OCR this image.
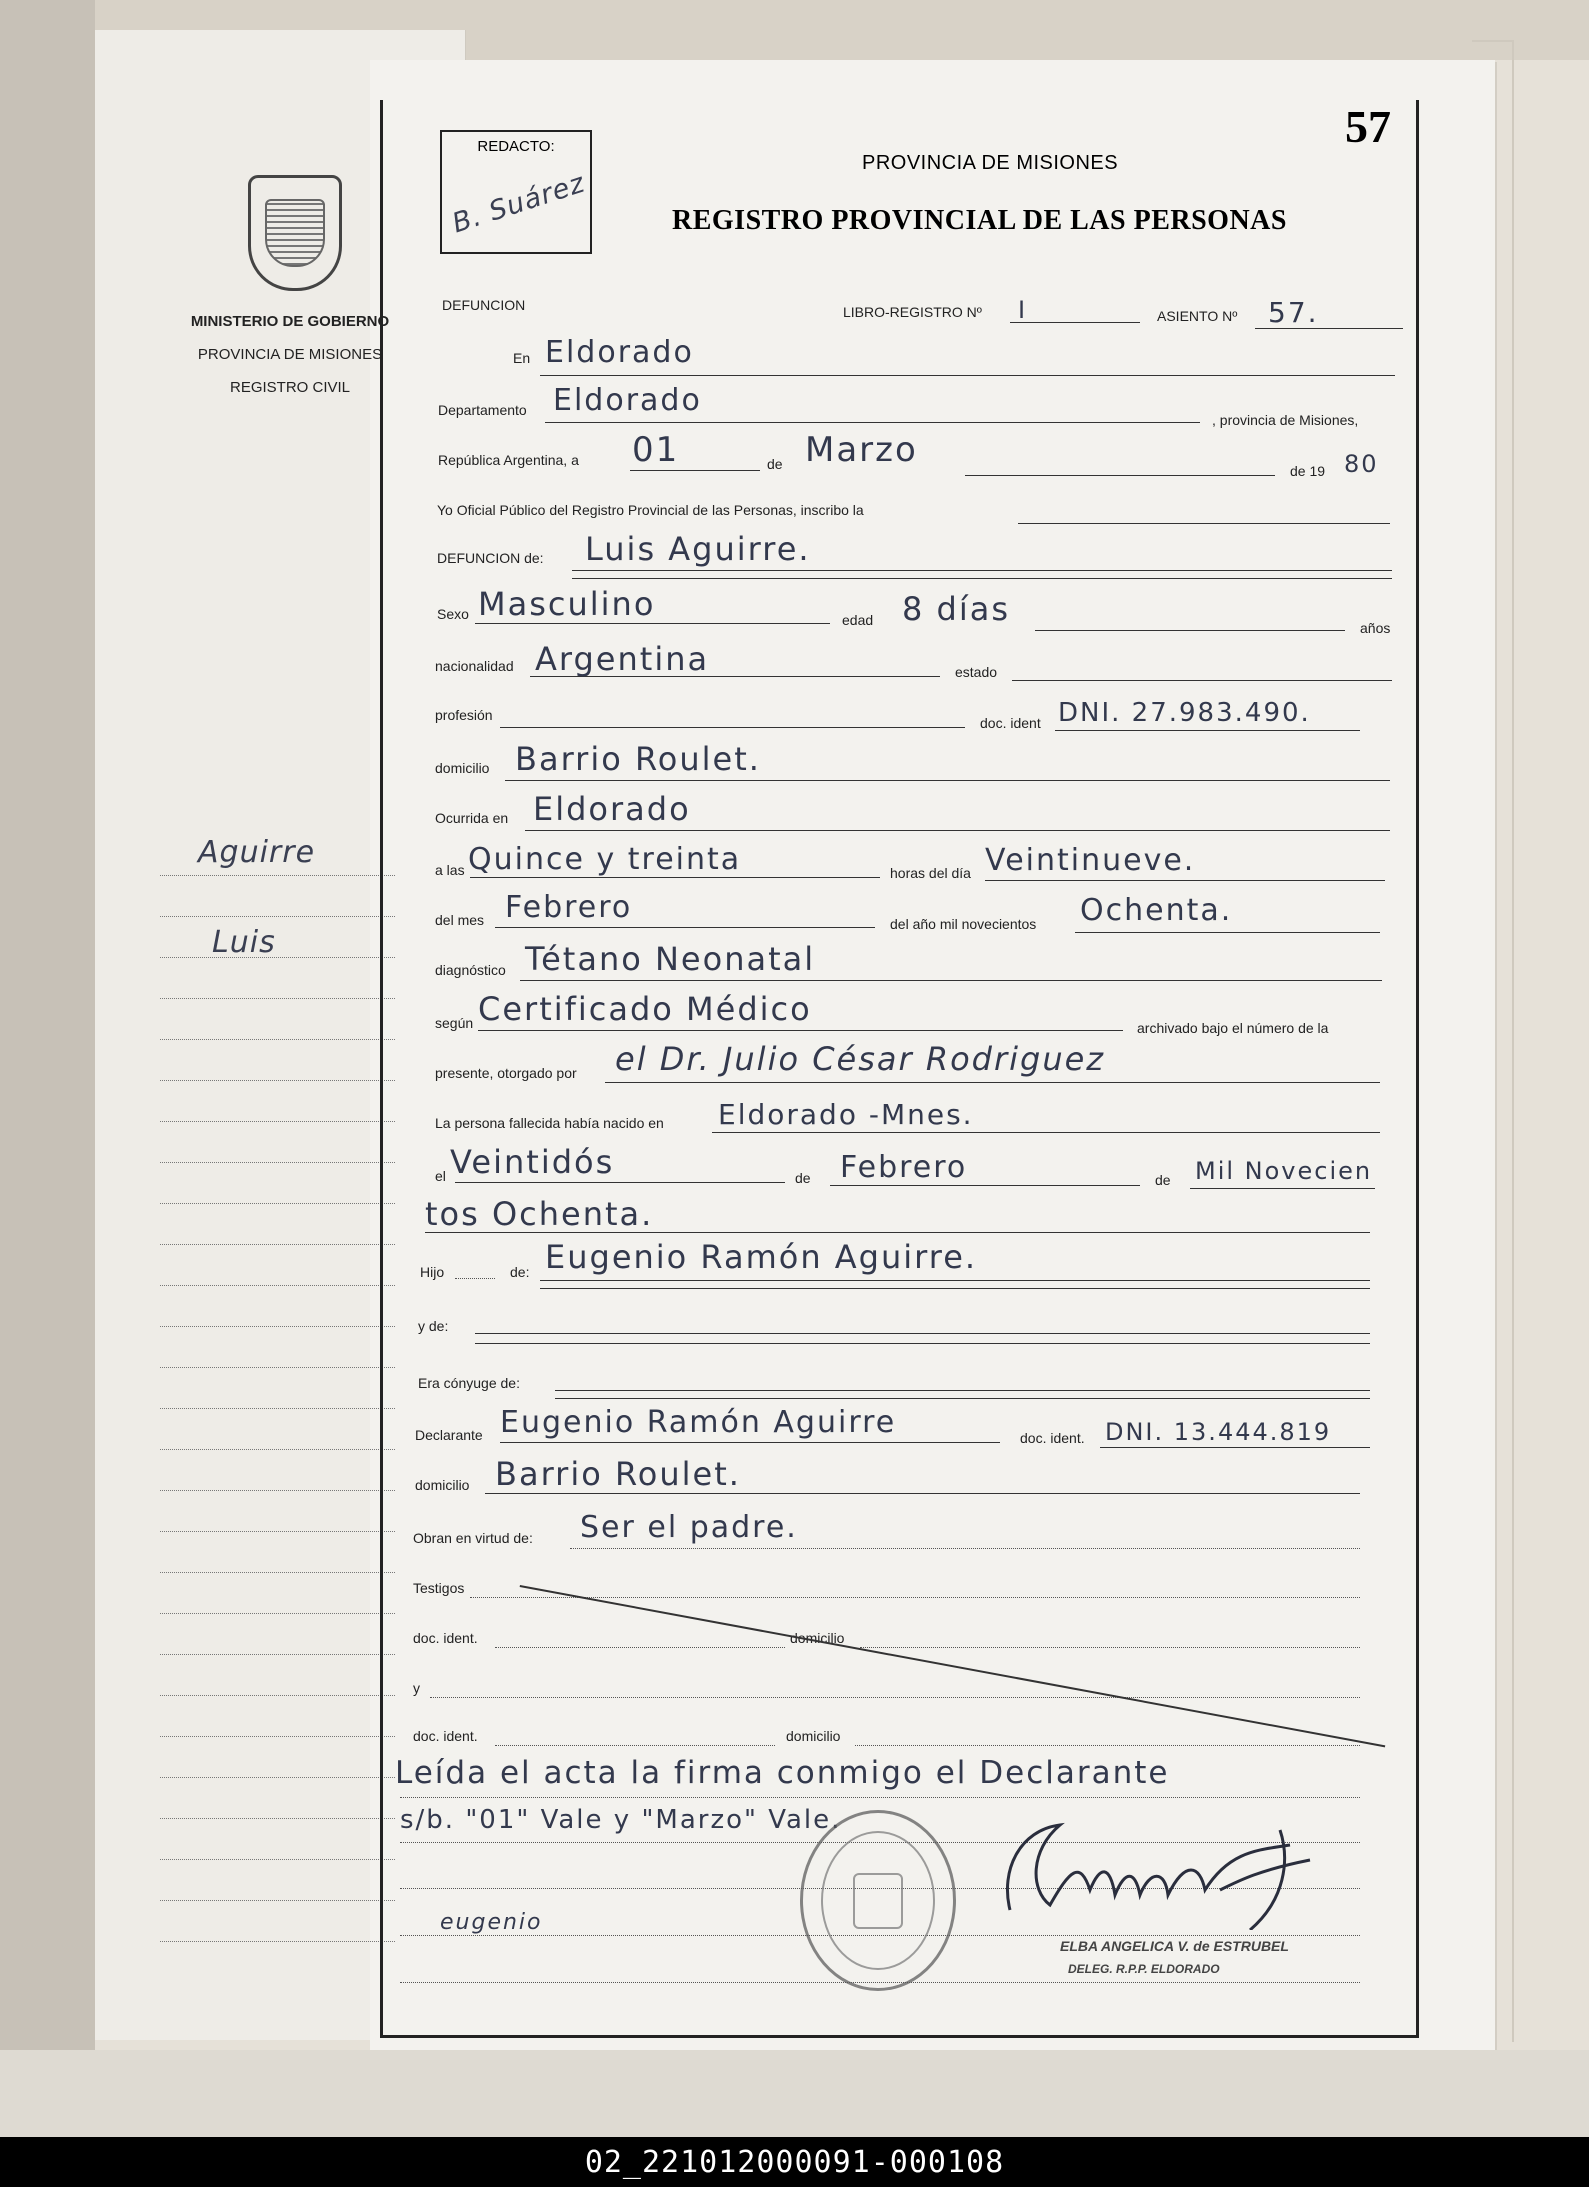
MINISTERIO DE GOBIERNO
PROVINCIA DE MISIONES
REGISTRO CIVIL
Aguirre
Luis
REDACTO:
B. Suárez
57
PROVINCIA DE MISIONES
REGISTRO PROVINCIAL DE LAS PERSONAS
DEFUNCION	LIBRO-REGISTRO Nº I	ASIENTO Nº 57.
En Eldorado
Departamento Eldorado
, provincia de Misiones,
República Argentina, a 01	de Marzo
de 19 80
Yo Oficial Público del Registro Provincial de las Personas, inscribo la
DEFUNCION de: Luis Aguirre.
Sexo Masculino	edad 8 días	años
nacionalidad Argentina	estado
profesión	doc. ident DNI. 27.983.490.
domicilio Barrio Roulet.
Ocurrida en Eldorado
a las Quince y treinta	horas del día Veintinueve.
del mes Febrero	del año mil novecientos Ochenta.
diagnóstico Tétano Neonatal
según Certificado Médico	archivado bajo el número de la
presente, otorgado por el Dr. Julio César Rodriguez
La persona fallecida había nacido en Eldorado -Mnes.
el Veintidós	de Febrero	de Mil Novecien
tos Ochenta.
Hijo	de: Eugenio Ramón Aguirre.
y de:
Era cónyuge de:
Declarante Eugenio Ramón Aguirre	doc. ident. DNI. 13.444.819
domicilio Barrio Roulet.
Obran en virtud de: Ser el padre.
Testigos
doc. ident.	domicilio
y
doc. ident.	domicilio
Leída el acta la firma conmigo el Declarante
s/b. "01" Vale y "Marzo" Vale.
eugenio
ELBA ANGELICA V. de ESTRUBEL
DELEG. R.P.P. ELDORADO
02_221012000091-000108
